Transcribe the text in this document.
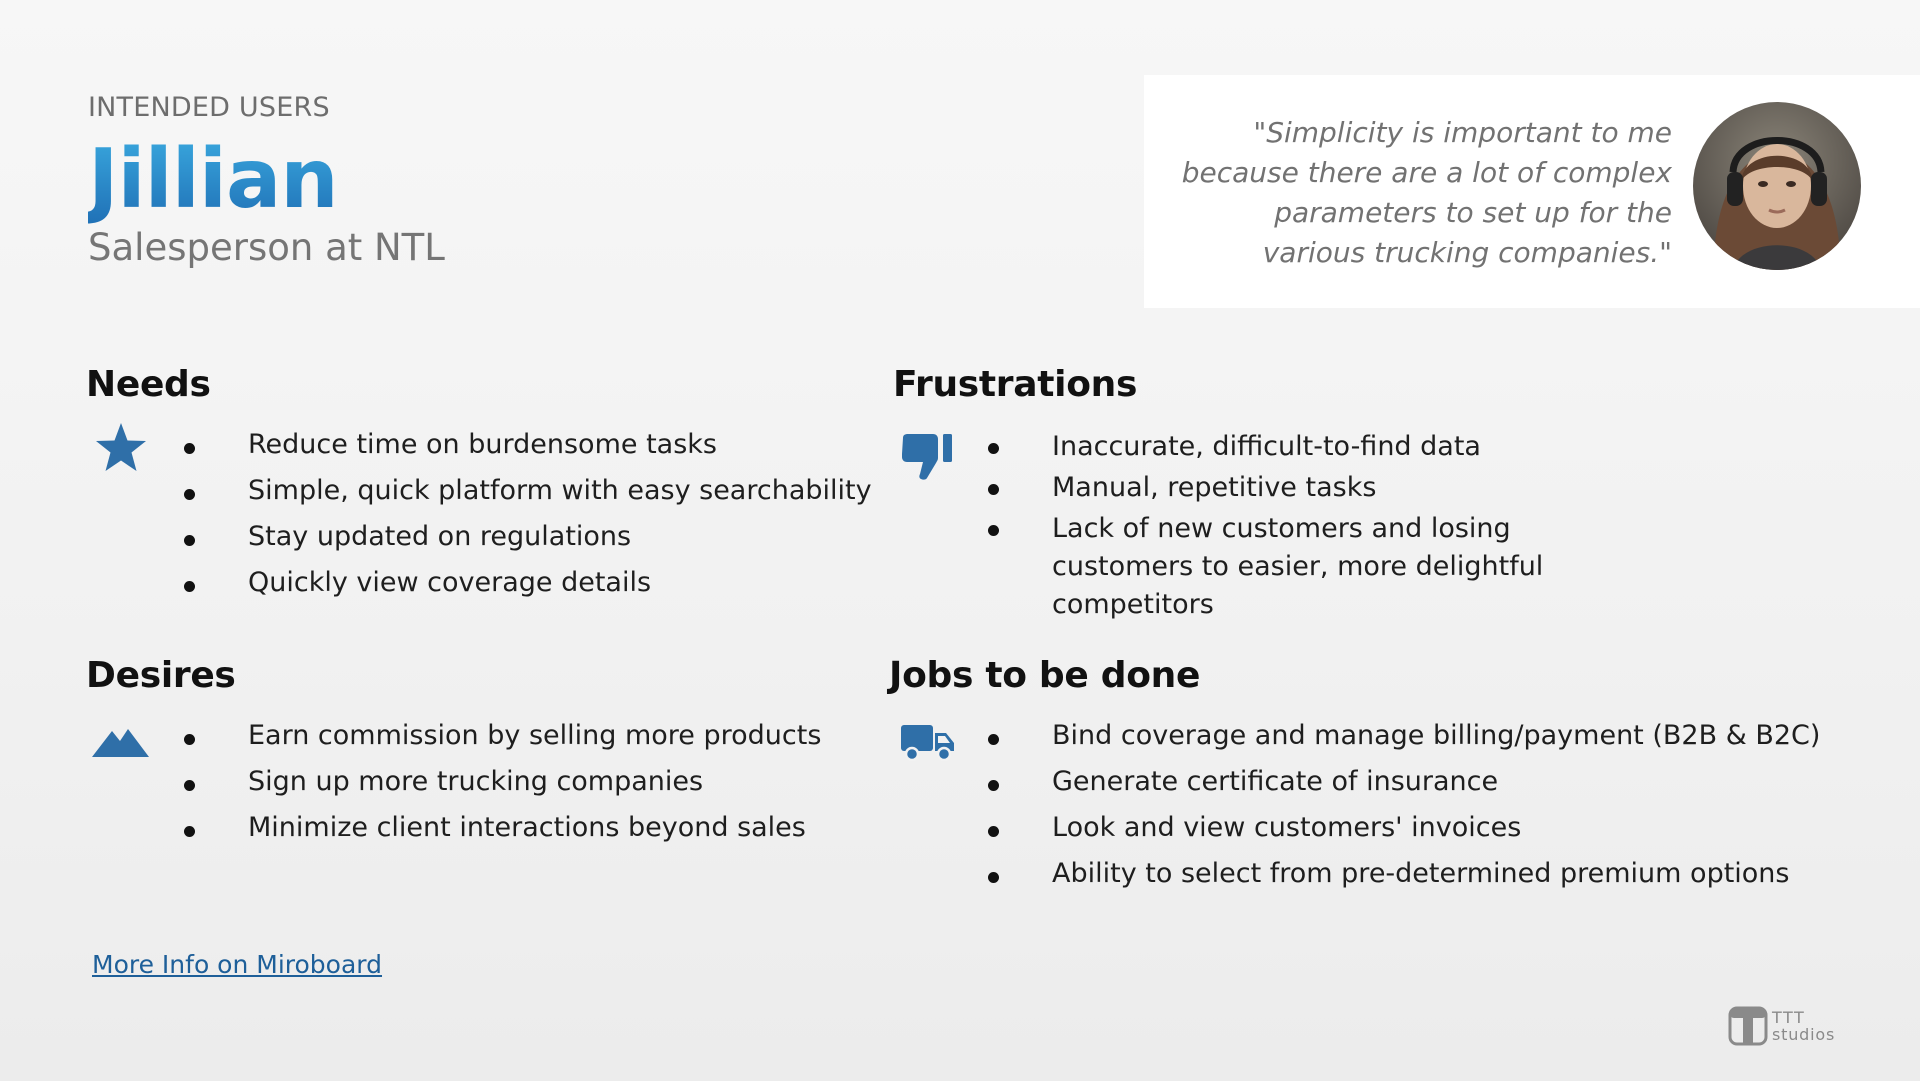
INTENDED USERS
Jillian
Salesperson at NTL
"Simplicity is important to me
because there are a lot of complex
parameters to set up for the
various trucking companies."
Needs
Reduce time on burdensome tasks
Simple, quick platform with easy searchability
Stay updated on regulations
Quickly view coverage details
Frustrations
Inaccurate, difficult-to-find data
Manual, repetitive tasks
Lack of new customers and losing customers to easier, more delightful competitors
Desires
Earn commission by selling more products
Sign up more trucking companies
Minimize client interactions beyond sales
Jobs to be done
Bind coverage and manage billing/payment (B2B & B2C)
Generate certificate of insurance
Look and view customers' invoices
Ability to select from pre-determined premium options
More Info on Miroboard
TTT
studios
